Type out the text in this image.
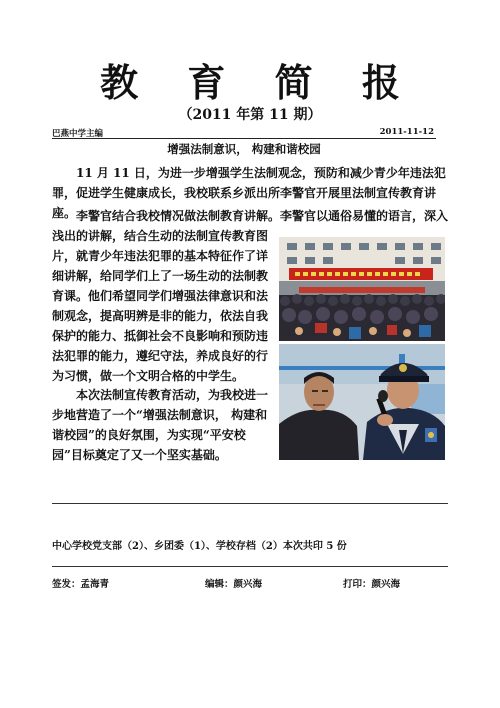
教 育 简 报
（2011 年第 11 期）
巴燕中学主编	2011-11-12
增强法制意识， 构建和谐校园

11 月 11 日，为进一步增强学生法制观念，预防和减少青少年违法犯罪，促进学生健康成长，我校联系乡派出所李警官开展里法制宣传教育讲座。 李警官结合我校情况做法制教育讲解。李警官以通俗易懂的语言，深入

浅出的讲解，结合生动的法制宣传教育图片，就青少年违法犯罪的基本特征作了详细讲解，给同学们上了一场生动的法制教育课。他们希望同学们增强法律意识和法制观念，提高明辨是非的能力，依法自我保护的能力、抵御社会不良影响和预防违法犯罪的能力，遵纪守法，养成良好的行为习惯，做一个文明合格的中学生。

本次法制宣传教育活动，为我校进一步地营造了一个“增强法制意识， 构建和谐校园”的良好氛围，为实现“平安校园”目标奠定了又一个坚实基础。

中心学校党支部（2）、乡团委（1）、学校存档（2）本次共印 5 份
签发：孟海青	编辑：颜兴海	打印：颜兴海
